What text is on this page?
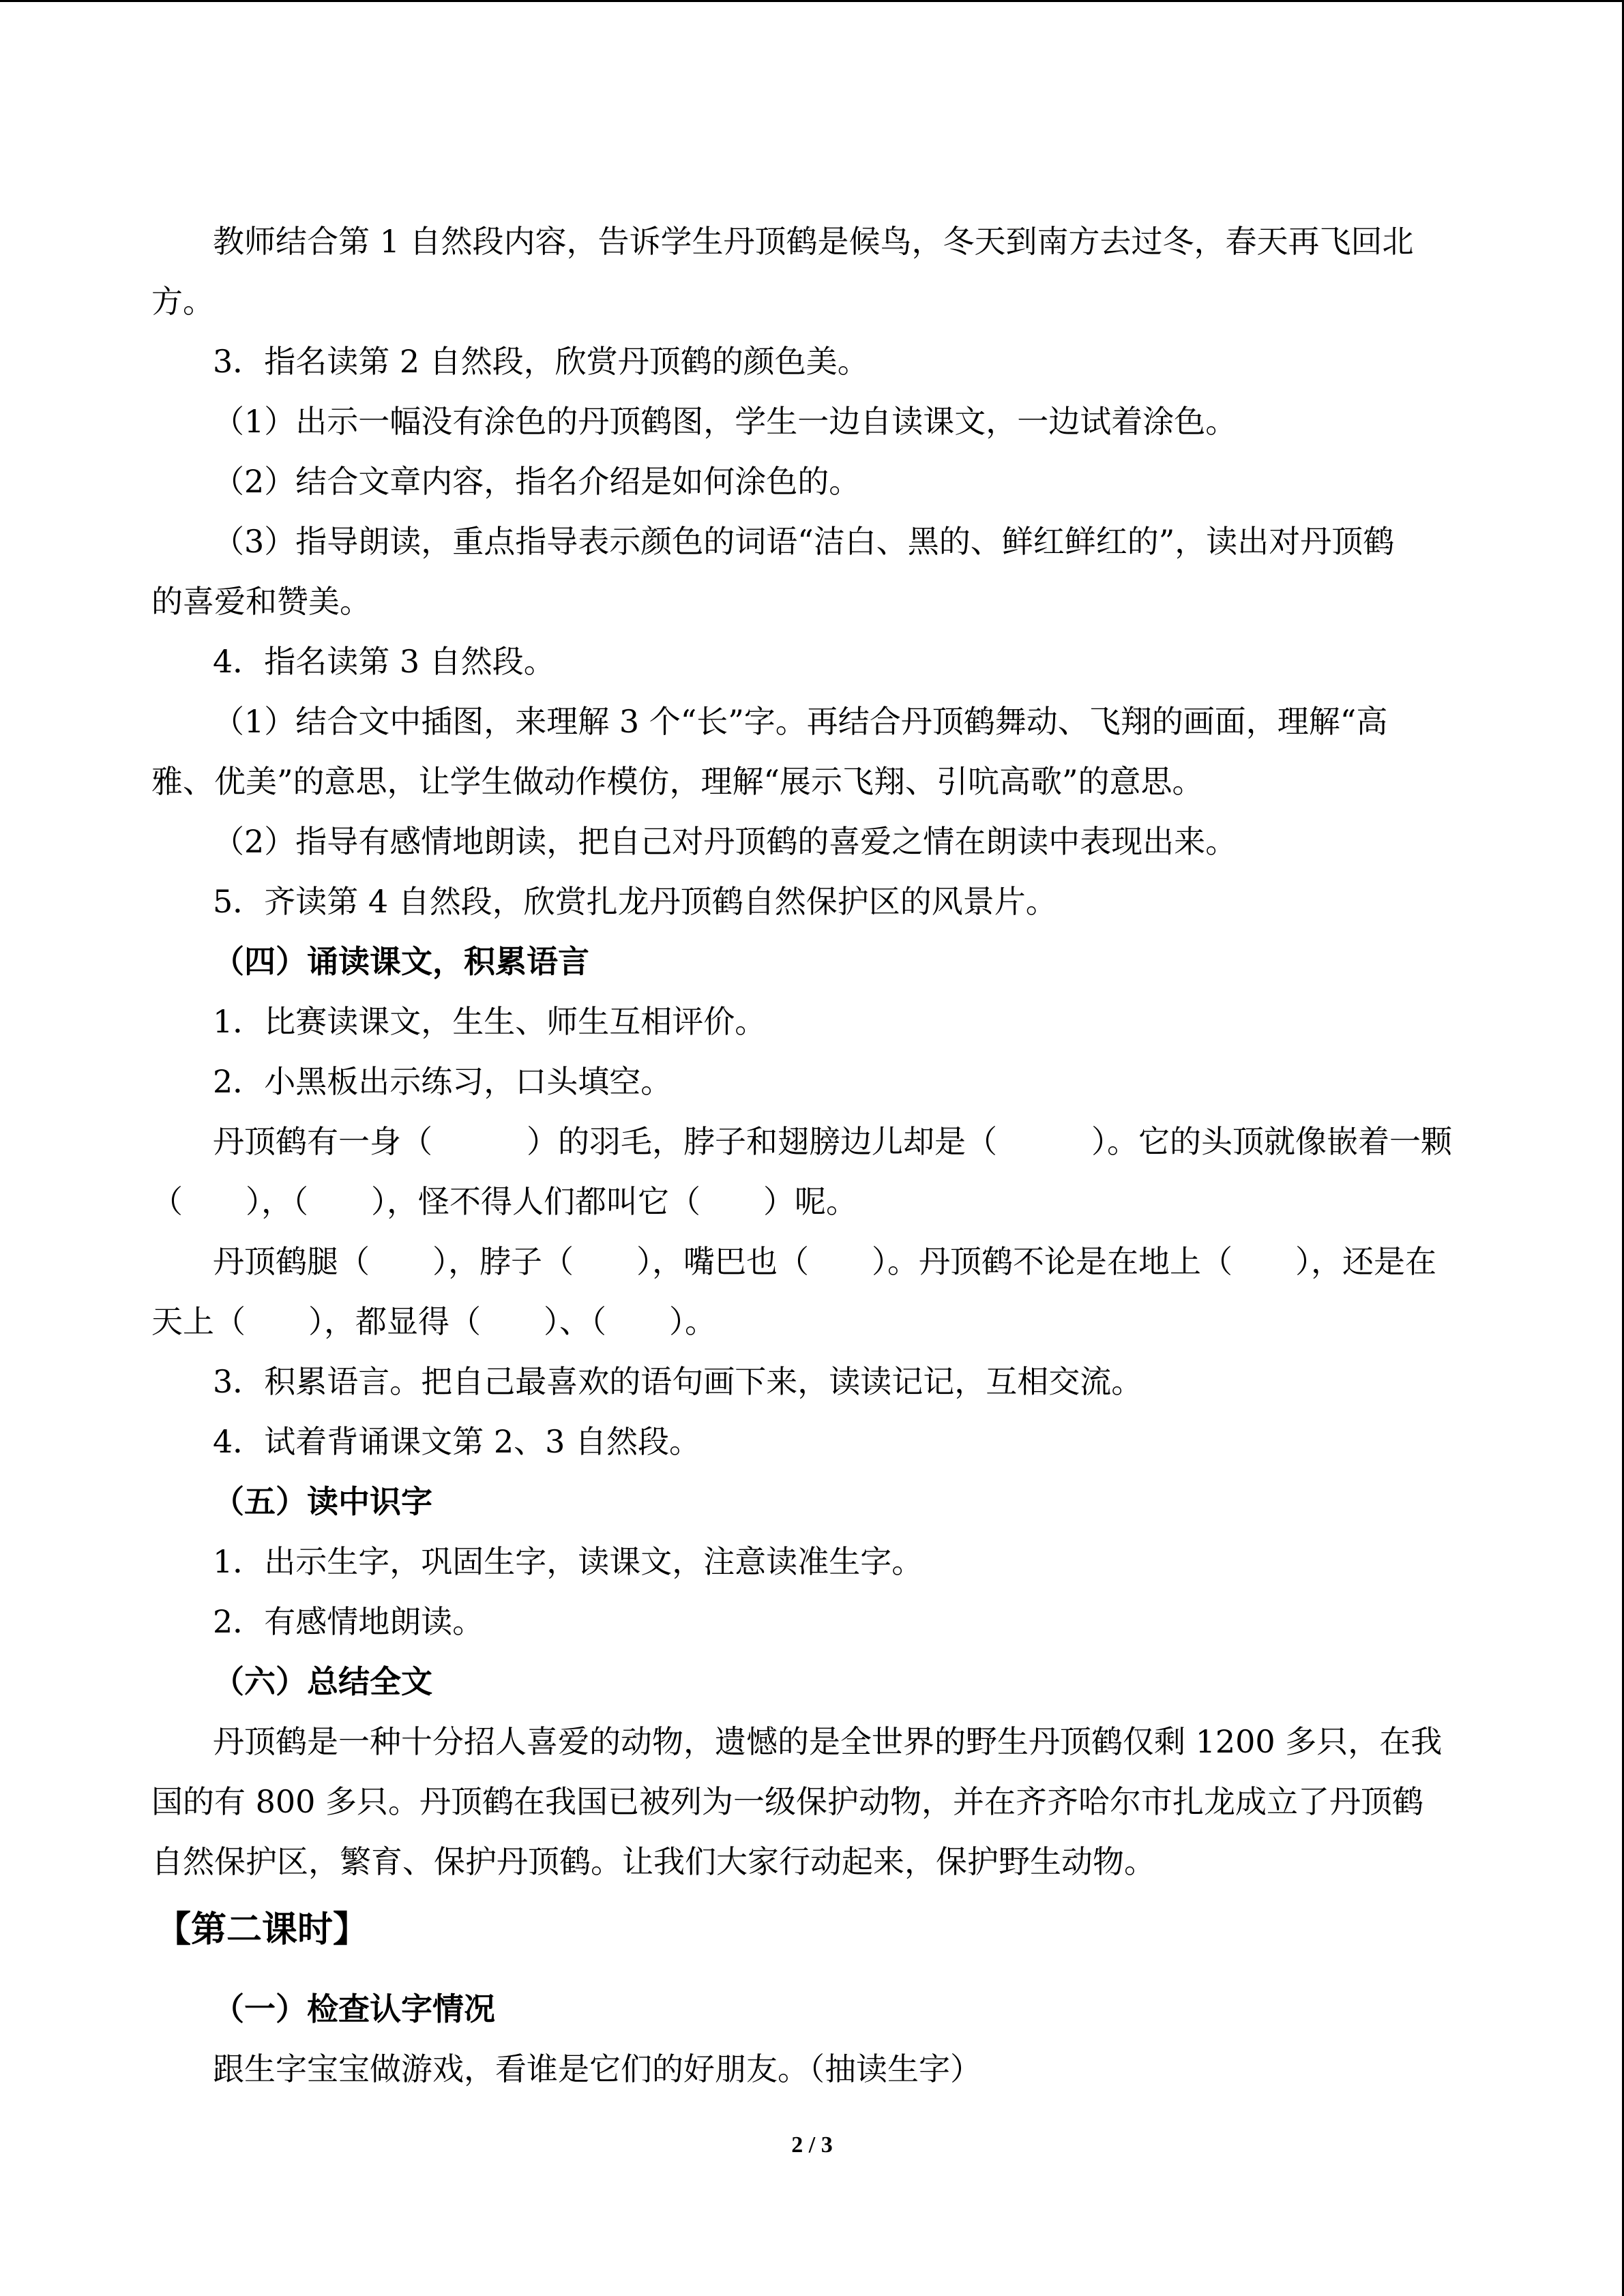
教师结合第 1 自然段内容，告诉学生丹顶鹤是候鸟，冬天到南方去过冬，春天再飞回北
方。
3．指名读第 2 自然段，欣赏丹顶鹤的颜色美。
（1）出示一幅没有涂色的丹顶鹤图，学生一边自读课文，一边试着涂色。
（2）结合文章内容，指名介绍是如何涂色的。
（3）指导朗读，重点指导表示颜色的词语“洁白、黑的、鲜红鲜红的”，读出对丹顶鹤
的喜爱和赞美。
4．指名读第 3 自然段。
（1）结合文中插图，来理解 3 个“长”字。再结合丹顶鹤舞动、飞翔的画面，理解“高
雅、优美”的意思，让学生做动作模仿，理解“展示飞翔、引吭高歌”的意思。
（2）指导有感情地朗读，把自己对丹顶鹤的喜爱之情在朗读中表现出来。
5．齐读第 4 自然段，欣赏扎龙丹顶鹤自然保护区的风景片。
（四）诵读课文，积累语言
1．比赛读课文，生生、师生互相评价。
2．小黑板出示练习，口头填空。
丹顶鹤有一身（　　　）的羽毛，脖子和翅膀边儿却是（　　　）。它的头顶就像嵌着一颗
（　　），（　　），怪不得人们都叫它（　　）呢。
丹顶鹤腿（　　），脖子（　　），嘴巴也（　　）。丹顶鹤不论是在地上（　　），还是在
天上（　　），都显得（　　）、（　　）。
3．积累语言。把自己最喜欢的语句画下来，读读记记，互相交流。
4．试着背诵课文第 2、3 自然段。
（五）读中识字
1．出示生字，巩固生字，读课文，注意读准生字。
2．有感情地朗读。
（六）总结全文
丹顶鹤是一种十分招人喜爱的动物，遗憾的是全世界的野生丹顶鹤仅剩 1200 多只，在我
国的有 800 多只。丹顶鹤在我国已被列为一级保护动物，并在齐齐哈尔市扎龙成立了丹顶鹤
自然保护区，繁育、保护丹顶鹤。让我们大家行动起来，保护野生动物。
【第二课时】
（一）检查认字情况
跟生字宝宝做游戏，看谁是它们的好朋友。（抽读生字）
2 / 3
